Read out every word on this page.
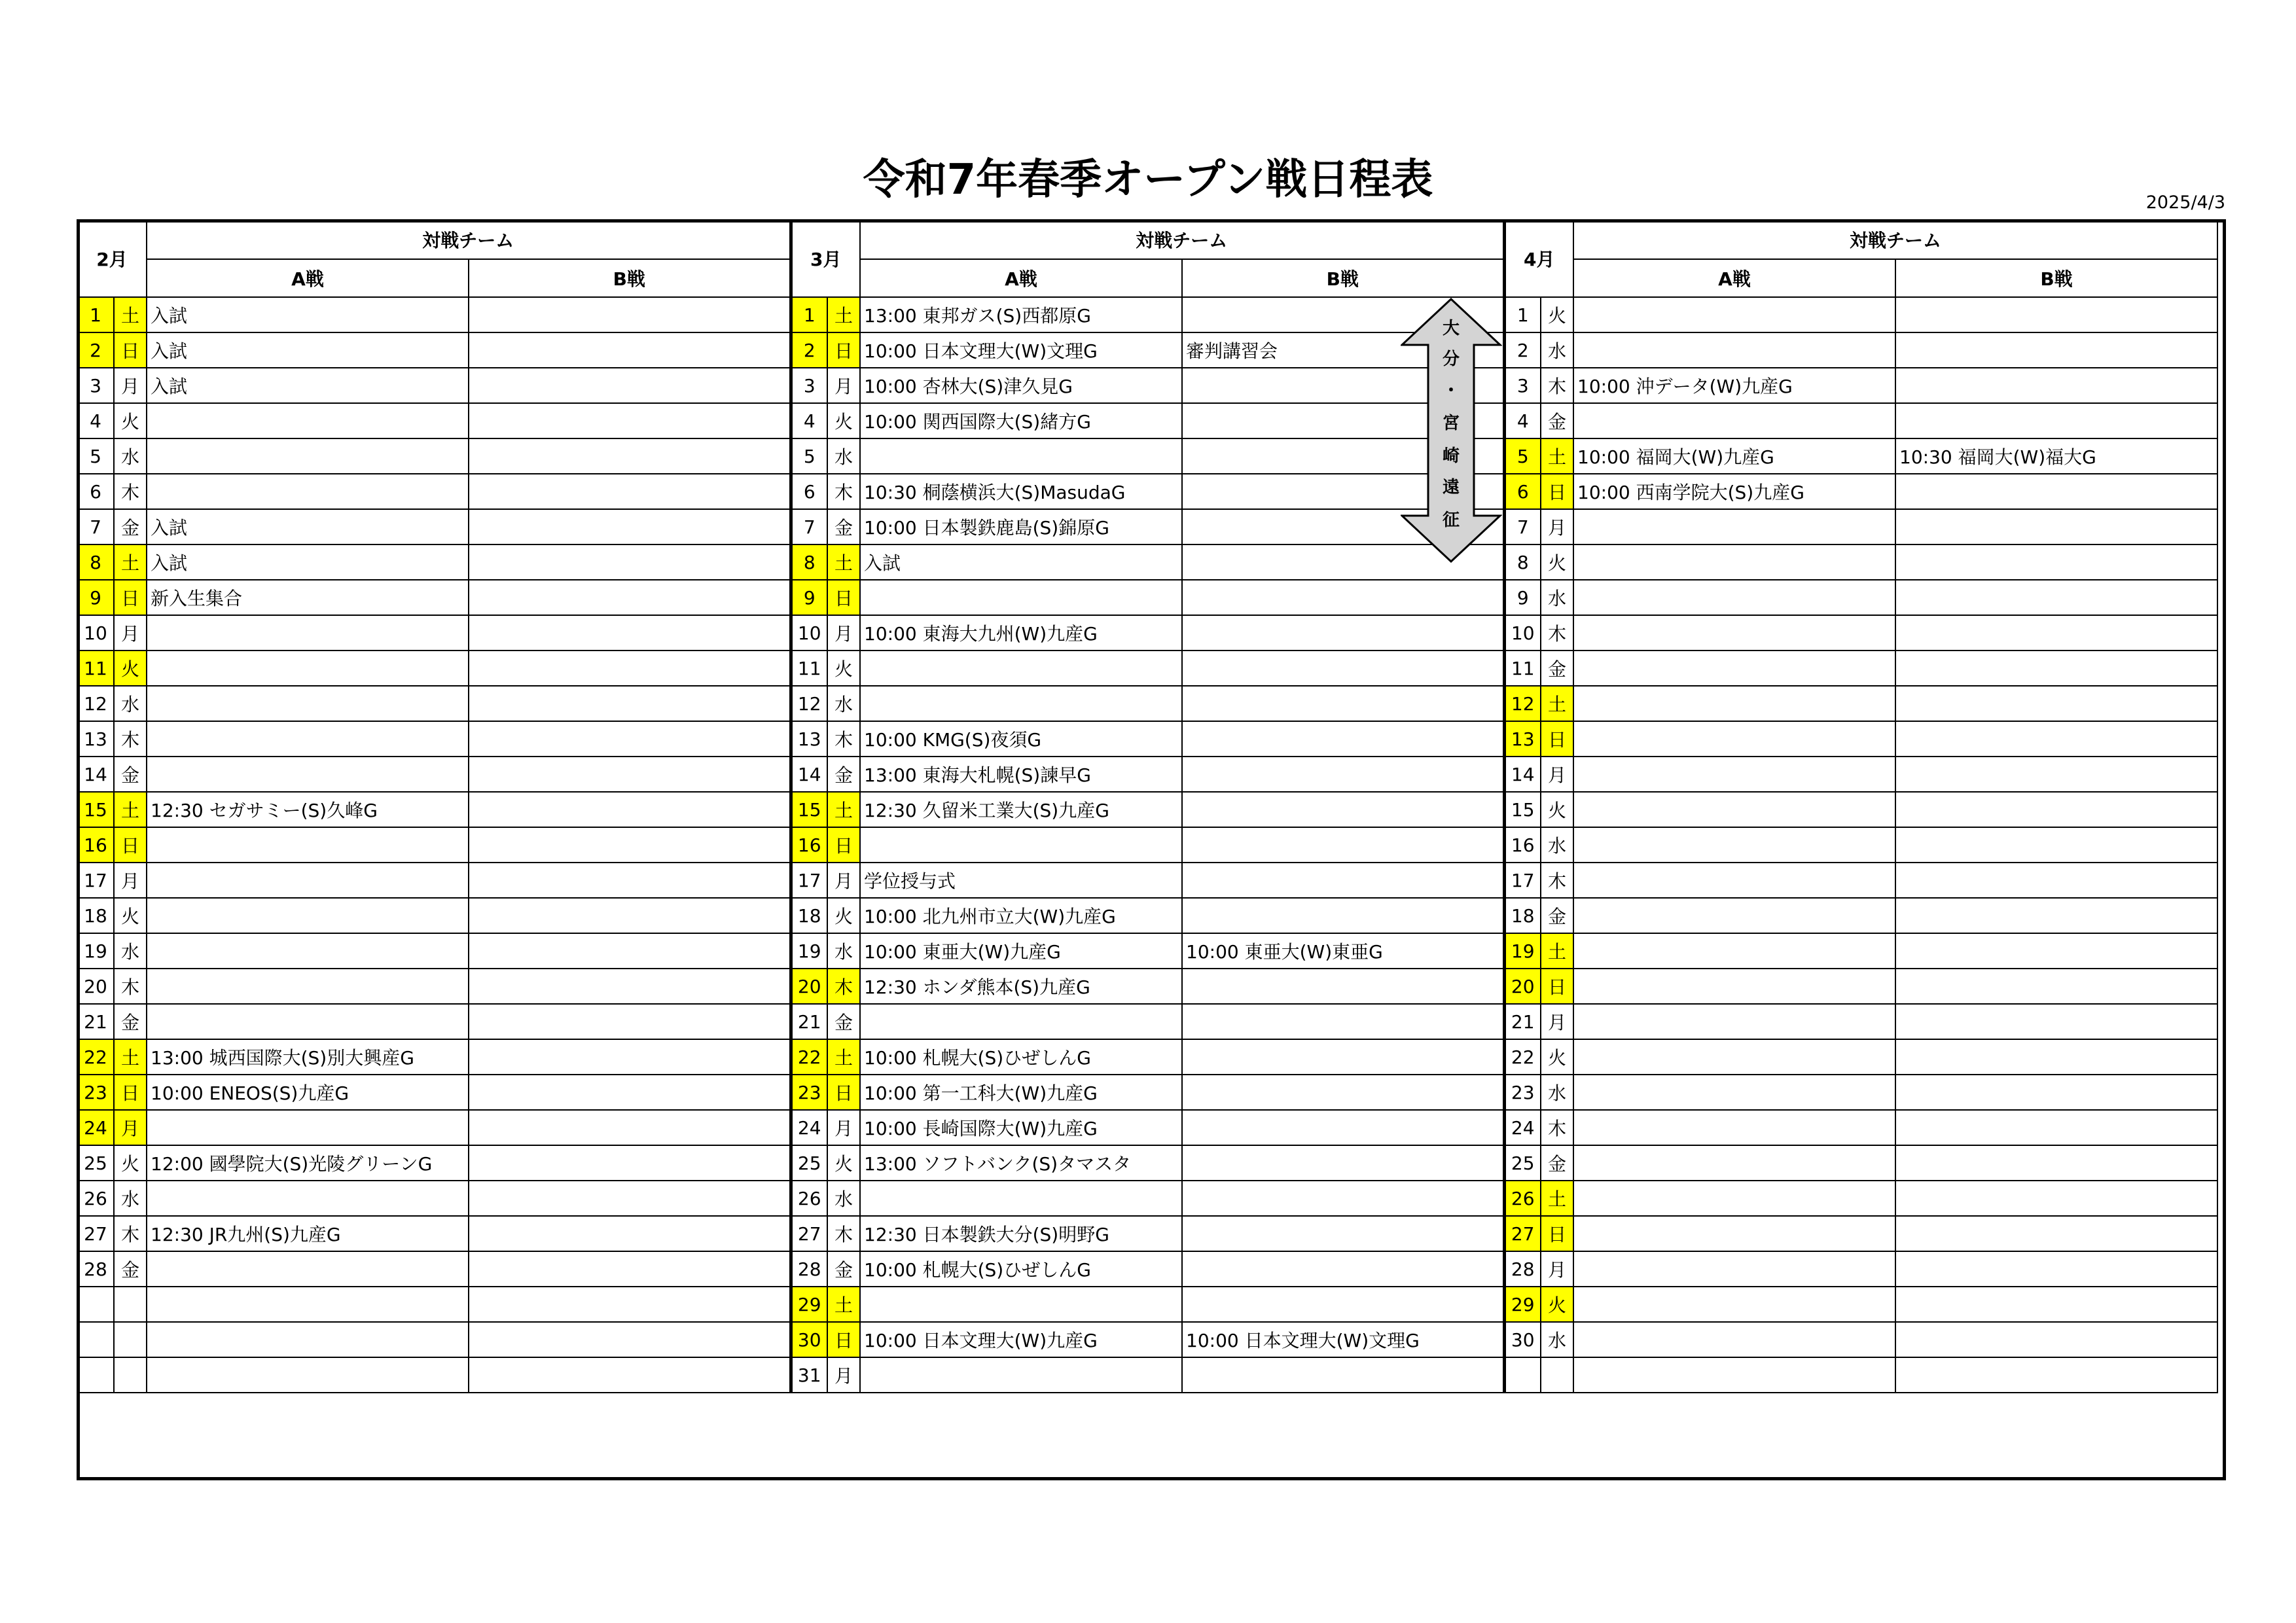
令和7年春季オープン戦日程表	2025/4/3
2月		対戦チーム		3月		対戦チーム		4月		対戦チーム	
		A戦	B戦			A戦	B戦			A戦	B戦
1	土	入試		1	土	13:00 東邦ガス(S)西都原G		1	火		
2	日	入試		2	日	10:00 日本文理大(W)文理G	審判講習会	2	水		
3	月	入試		3	月	10:00 杏林大(S)津久見G		3	木	10:00 沖データ(W)九産G	
4	火			4	火	10:00 関西国際大(S)緒方G		4	金		
5	水			5	水			5	土	10:00 福岡大(W)九産G	10:30 福岡大(W)福大G
6	木			6	木	10:30 桐蔭横浜大(S)MasudaG		6	日	10:00 西南学院大(S)九産G	
7	金	入試		7	金	10:00 日本製鉄鹿島(S)錦原G		7	月		
8	土	入試		8	土	入試		8	火		
9	日	新入生集合		9	日			9	水		
10	月			10	月	10:00 東海大九州(W)九産G		10	木		
11	火			11	火			11	金		
12	水			12	水			12	土		
13	木			13	木	10:00 KMG(S)夜須G		13	日		
14	金			14	金	13:00 東海大札幌(S)諫早G		14	月		
15	土	12:30 セガサミー(S)久峰G		15	土	12:30 久留米工業大(S)九産G		15	火		
16	日			16	日			16	水		
17	月			17	月	学位授与式		17	木		
18	火			18	火	10:00 北九州市立大(W)九産G		18	金		
19	水			19	水	10:00 東亜大(W)九産G	10:00 東亜大(W)東亜G	19	土		
20	木			20	木	12:30 ホンダ熊本(S)九産G		20	日		
21	金			21	金			21	月		
22	土	13:00 城西国際大(S)別大興産G		22	土	10:00 札幌大(S)ひぜしんG		22	火		
23	日	10:00 ENEOS(S)九産G		23	日	10:00 第一工科大(W)九産G		23	水		
24	月			24	月	10:00 長崎国際大(W)九産G		24	木		
25	火	12:00 國學院大(S)光陵グリーンG		25	火	13:00 ソフトバンク(S)タマスタ		25	金		
26	水			26	水			26	土		
27	木	12:30 JR九州(S)九産G		27	木	12:30 日本製鉄大分(S)明野G		27	日		
28	金			28	金	10:00 札幌大(S)ひぜしんG		28	月		
				29	土			29	火		
				30	日	10:00 日本文理大(W)九産G	10:00 日本文理大(W)文理G	30	水		
				31	月						
大
分
・
宮
崎
遠
征
